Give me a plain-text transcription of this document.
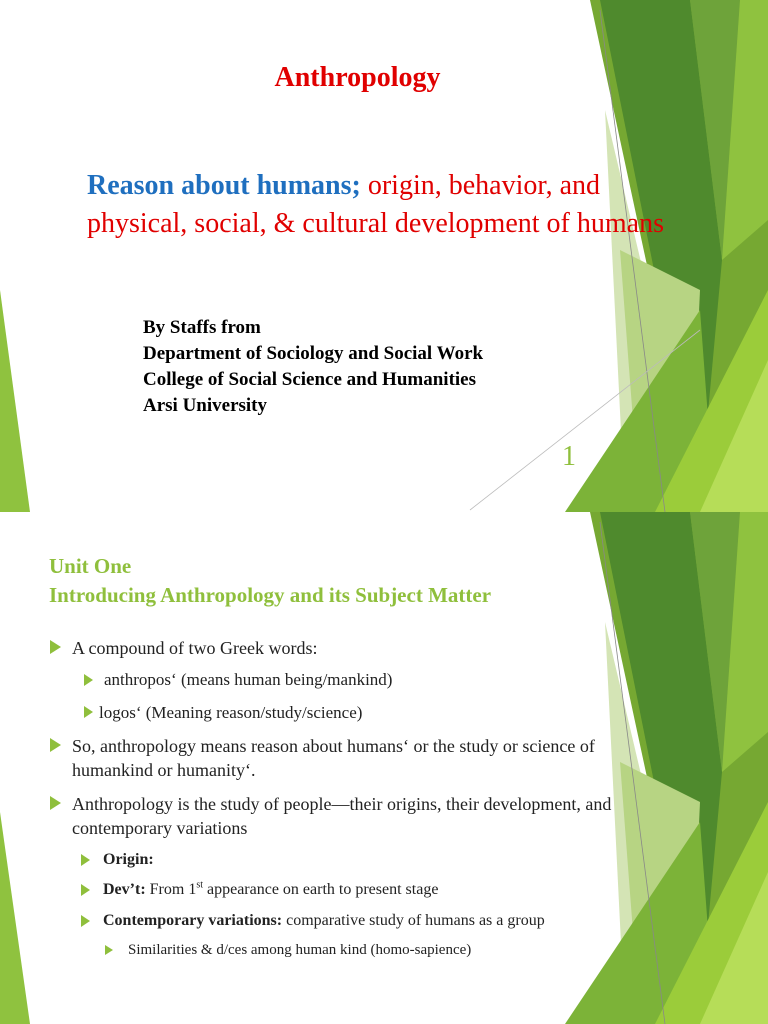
Anthropology

Reason about humans; origin, behavior, and physical, social, & cultural development of humans

By Staffs from
Department of Sociology and Social Work
College of Social Science and Humanities
Arsi University
1
Unit One
Introducing Anthropology and its Subject Matter

A compound of two Greek words:

anthropos‘ (means human being/mankind)

logos‘ (Meaning reason/study/science)

So, anthropology means reason about humans‘ or the study or science of humankind or humanity‘.

Anthropology is the study of people—their origins, their development, and contemporary variations

Origin:

Dev’t: From 1st appearance on earth to present stage

Contemporary variations: comparative study of humans as a group

Similarities & d/ces among human kind (homo-sapience)
